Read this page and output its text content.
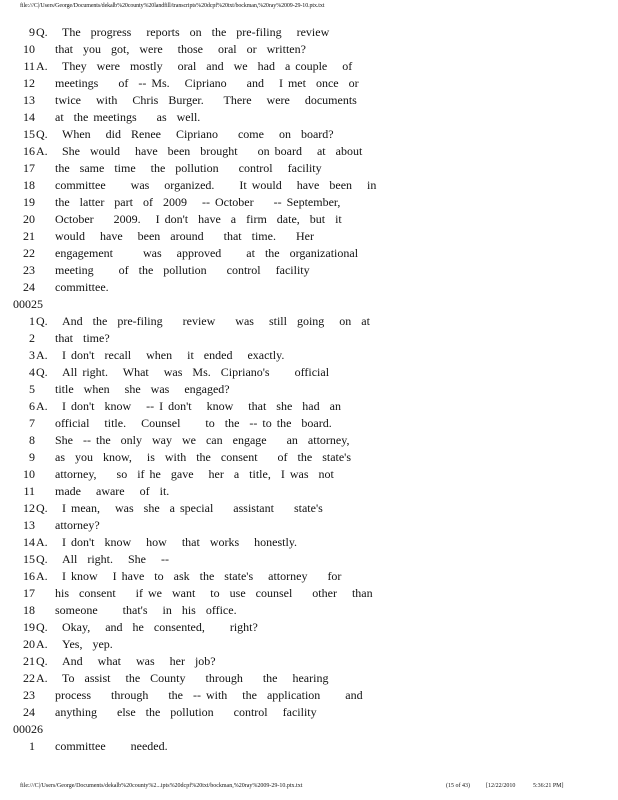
file:///C|/Users/George/Documents/dekalb%20county%20landfill/transcripts%20dcpf%20txt/bockman,%20ray%2009-29-10.ptx.txt
9 Q. The  progress   reports  on  the  pre-filing   review
10 that  you  got,  were   those   oral  or  written?
11 A. They  were  mostly   oral  and  we  had  a couple   of
12 meetings    of  -- Ms.   Cipriano    and   I met  once  or
13 twice   with   Chris  Burger.    There   were   documents
14 at  the meetings    as  well.
15 Q. When   did  Renee   Cipriano    come   on  board?
16 A. She  would   have  been  brought    on board   at  about
17 the  same  time   the  pollution    control   facility
18 committee     was   organized.     It would   have  been   in
19 the  latter  part  of  2009   -- October    -- September,
20 October    2009.   I don't  have  a  firm  date,  but  it
21 would   have   been  around    that  time.    Her
22 engagement      was   approved     at  the  organizational
23 meeting     of  the  pollution    control   facility
24 committee.
00025
1 Q. And  the  pre-filing    review    was   still  going   on  at
2 that  time?
3 A. I don't  recall   when   it  ended   exactly.
4 Q. All right.   What   was  Ms.  Cipriano's     official
5 title  when   she  was   engaged?
6 A. I don't  know   -- I don't   know   that  she  had  an
7 official   title.   Counsel     to  the  -- to the  board.
8 She  -- the  only  way  we  can  engage    an  attorney,
9 as  you  know,   is  with  the  consent    of  the  state's
10 attorney,    so  if he  gave   her  a  title,  I was  not
11 made   aware   of  it.
12 Q. I mean,   was  she  a special    assistant    state's
13 attorney?
14 A. I don't  know   how   that  works   honestly.
15 Q. All  right.   She   --
16 A. I know   I have  to  ask  the  state's   attorney    for
17 his  consent    if we  want   to  use  counsel    other   than
18 someone     that's   in  his  office.
19 Q. Okay,   and  he  consented,     right?
20 A. Yes,  yep.
21 Q. And   what   was   her  job?
22 A. To  assist   the  County    through    the   hearing
23 process    through    the  -- with   the  application     and
24 anything    else  the  pollution    control   facility
00026
1 committee     needed.
file:///C|/Users/George/Documents/dekalb%20county%2...ipts%20dcpf%20txt/bockman,%20ray%2009-29-10.ptx.txt	(15 of 43)	[12/22/2010	5:36:21 PM]
